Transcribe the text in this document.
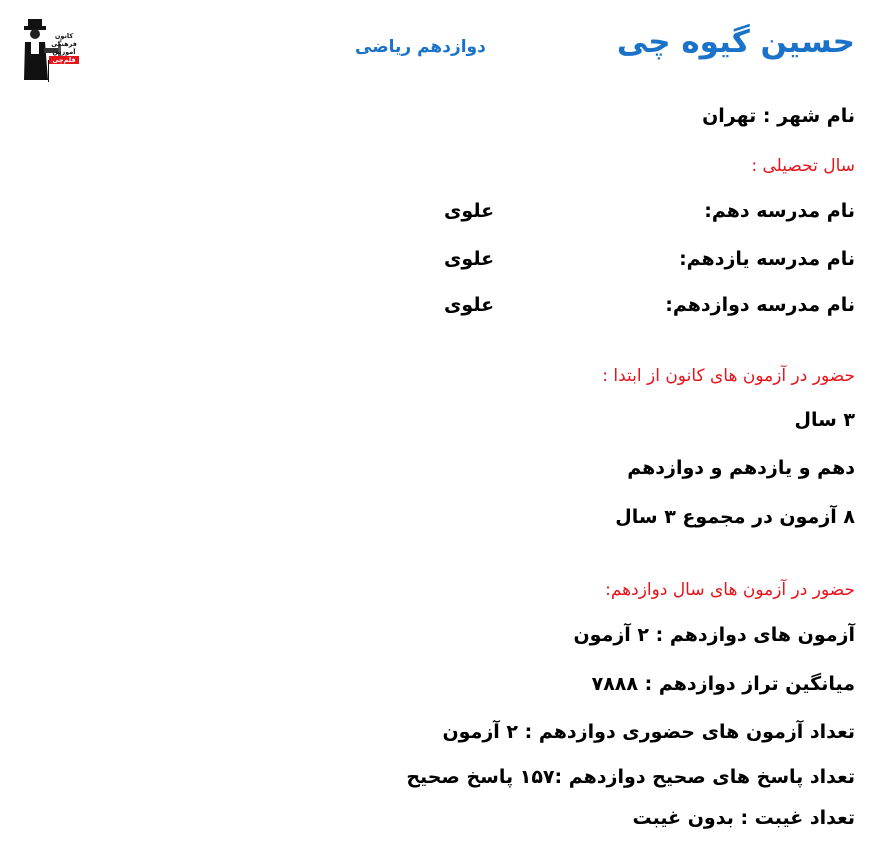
کانون
فرهنگی
آموزش
قلم‌چی	حسین گیوه چی
دوازدهم ریاضی
نام شهر : تهران
سال تحصیلی :
نام مدرسه دهم:
علوی
نام مدرسه یازدهم:
علوی
نام مدرسه دوازدهم:
علوی
حضور در آزمون های کانون از ابتدا :
۳ سال
دهم و یازدهم و دوازدهم
۸ آزمون در مجموع ۳ سال
حضور در آزمون های سال دوازدهم:
آزمون های دوازدهم : ۲ آزمون
میانگین تراز دوازدهم : ۷۸۸۸
تعداد آزمون های حضوری دوازدهم : ۲ آزمون
تعداد پاسخ های صحیح دوازدهم :۱۵۷ پاسخ صحیح
تعداد غیبت : بدون غیبت
